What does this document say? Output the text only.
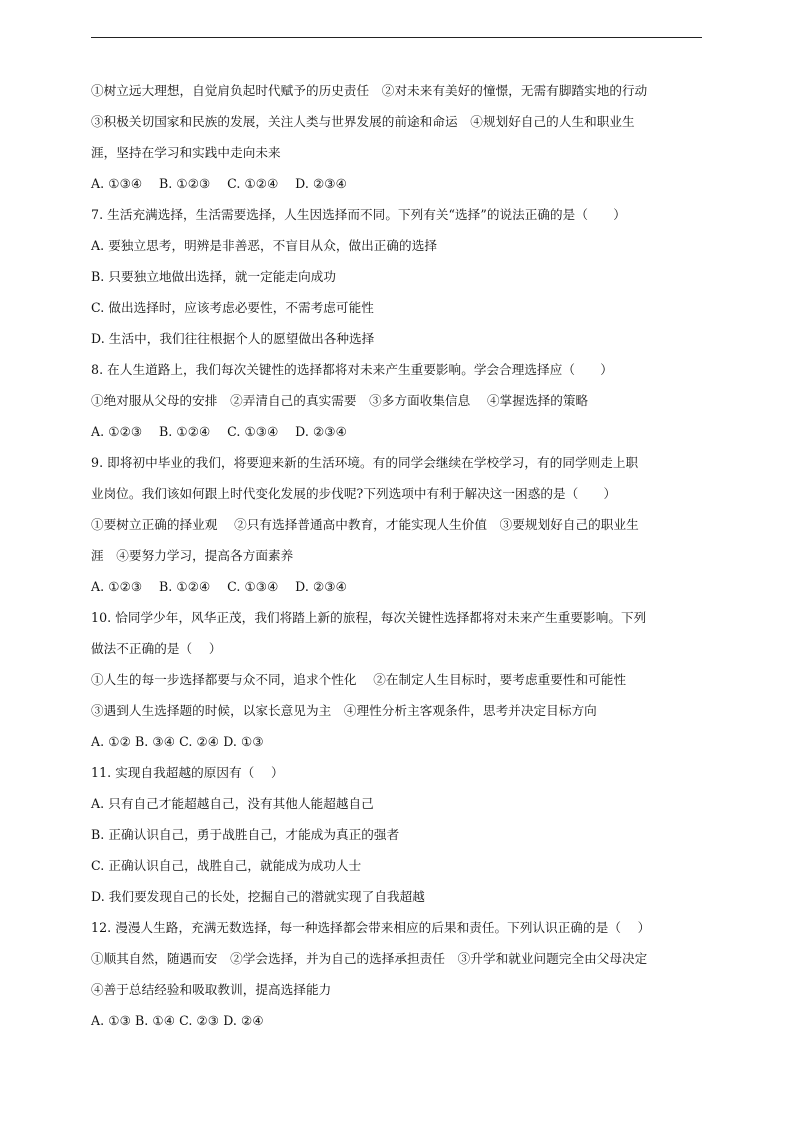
①树立远大理想，自觉肩负起时代赋予的历史责任　②对未来有美好的憧憬，无需有脚踏实地的行动
③积极关切国家和民族的发展，关注人类与世界发展的前途和命运　④规划好自己的人生和职业生
涯，坚持在学习和实践中走向未来
A. ①③④　 B. ①②③　 C. ①②④　 D. ②③④
7. 生活充满选择，生活需要选择，人生因选择而不同。下列有关“选择”的说法正确的是（　　）
A. 要独立思考，明辨是非善恶，不盲目从众，做出正确的选择
B. 只要独立地做出选择，就一定能走向成功
C. 做出选择时，应该考虑必要性，不需考虑可能性
D. 生活中，我们往往根据个人的愿望做出各种选择
8. 在人生道路上，我们每次关键性的选择都将对未来产生重要影响。学会合理选择应（　　）
①绝对服从父母的安排　②弄清自己的真实需要　③多方面收集信息　 ④掌握选择的策略
A. ①②③　 B. ①②④　 C. ①③④　 D. ②③④
9. 即将初中毕业的我们，将要迎来新的生活环境。有的同学会继续在学校学习，有的同学则走上职
业岗位。我们该如何跟上时代变化发展的步伐呢?下列选项中有利于解决这一困惑的是（　　）
①要树立正确的择业观　 ②只有选择普通高中教育，才能实现人生价值　③要规划好自己的职业生
涯　④要努力学习，提高各方面素养
A. ①②③　 B. ①②④　 C. ①③④　 D. ②③④
10. 恰同学少年，风华正茂，我们将踏上新的旅程，每次关键性选择都将对未来产生重要影响。下列
做法不正确的是（　 ）
①人生的每一步选择都要与众不同，追求个性化　 ②在制定人生目标时，要考虑重要性和可能性
③遇到人生选择题的时候，以家长意见为主　④理性分析主客观条件，思考并决定目标方向
A. ①② B. ③④ C. ②④ D. ①③
11. 实现自我超越的原因有（　 ）
A. 只有自己才能超越自己，没有其他人能超越自己
B. 正确认识自己，勇于战胜自己，才能成为真正的强者
C. 正确认识自己，战胜自己，就能成为成功人士
D. 我们要发现自己的长处，挖掘自己的潜就实现了自我超越
12. 漫漫人生路，充满无数选择，每一种选择都会带来相应的后果和责任。下列认识正确的是（　 ）
①顺其自然，随遇而安　②学会选择，并为自己的选择承担责任　③升学和就业问题完全由父母决定
④善于总结经验和吸取教训，提高选择能力
A. ①③ B. ①④ C. ②③ D. ②④
